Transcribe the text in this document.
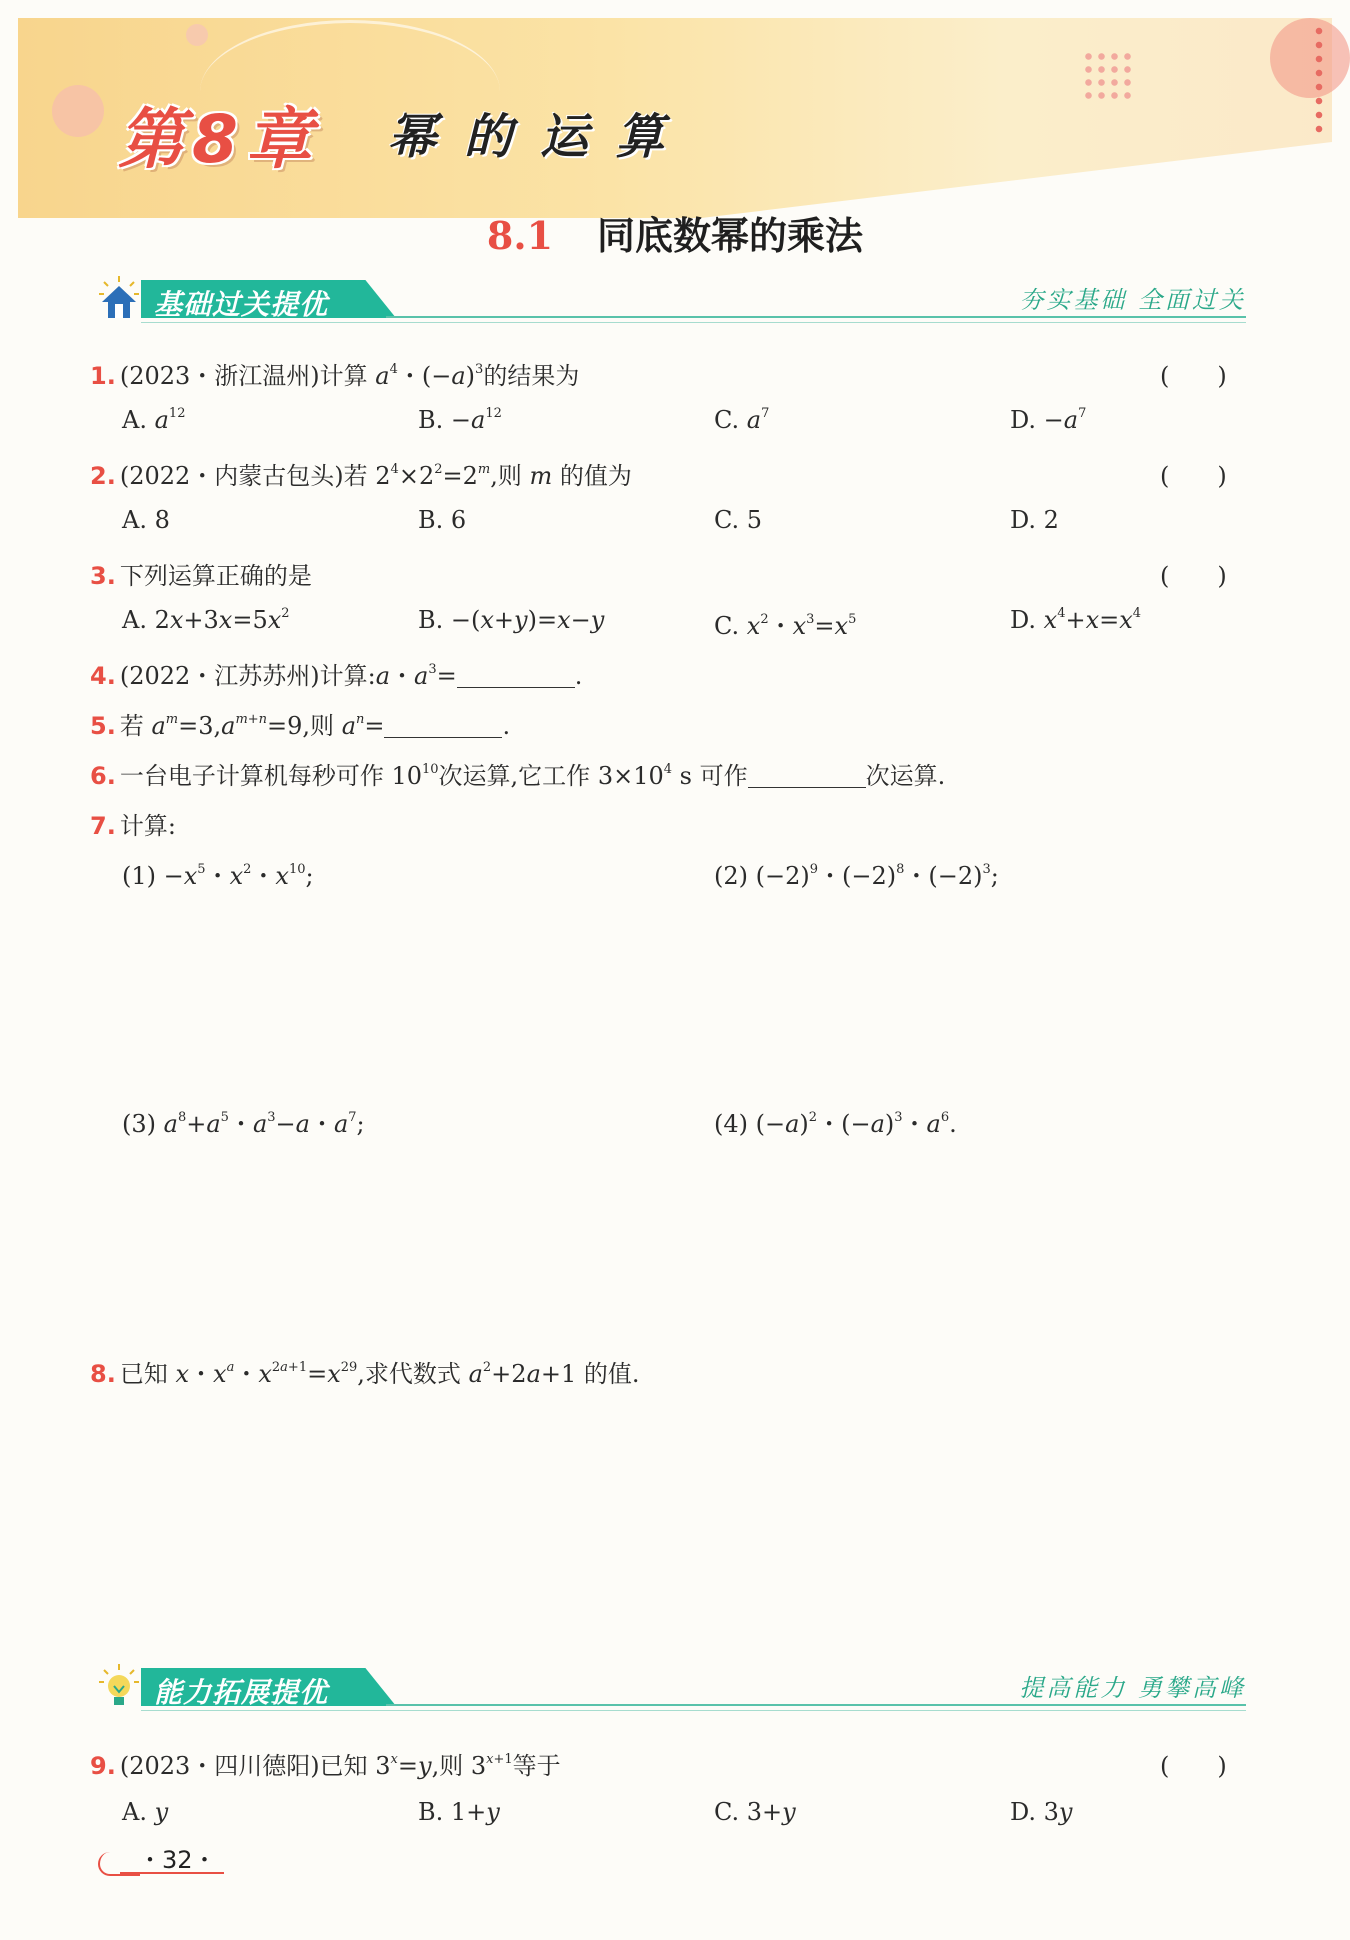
第8章 幂的运算
8.1 同底数幂的乘法
基础过关提优	夯实基础 全面过关
1. (2023・浙江温州)计算 $a^4$・$(-a)^3$的结果为	(　　)
A. $a^{12}$	B. $-a^{12}$	C. $a^7$	D. $-a^7$
2. (2022・内蒙古包头)若 $2^4\times 2^2=2^m$,则 m 的值为	(　　)
A. 8	B. 6	C. 5	D. 2
3. 下列运算正确的是	(　　)
A. $2x+3x=5x^2$	B. −(x+y)=x−y	C. $x^2$・$x^3=x^5$	D. $x^4+x=x^4$
4. (2022・江苏苏州)计算:a・$a^3=$	.
5. 若 $a^m=3,a^{m+n}=9$,则 $a^n=$	.
6. 一台电子计算机每秒可作 $10^{10}$次运算,它工作 $3\times 10^4$ s 可作	次运算.
7. 计算:
$(1) -x^5$・$x^2$・$x^{10}$;	(2) $(-2)^9$・$(-2)^8$・$(-2)^3$;
(3) $a^8+a^5$・$a^3-a$・$a^7$;	(4) $(-a)^2$・$(-a)^3$・$a^6$.
8. 已知 x・$x^a$・$x^{2a+1}=x^{29}$,求代数式 $a^2+2a+1$ 的值.
能力拓展提优	提高能力 勇攀高峰
9. (2023・四川德阳)已知 $3^x=y$,则 $3^{x+1}$等于	(　　)
A. y	B. 1+y	C. 3+y	D. 3y
・32・
